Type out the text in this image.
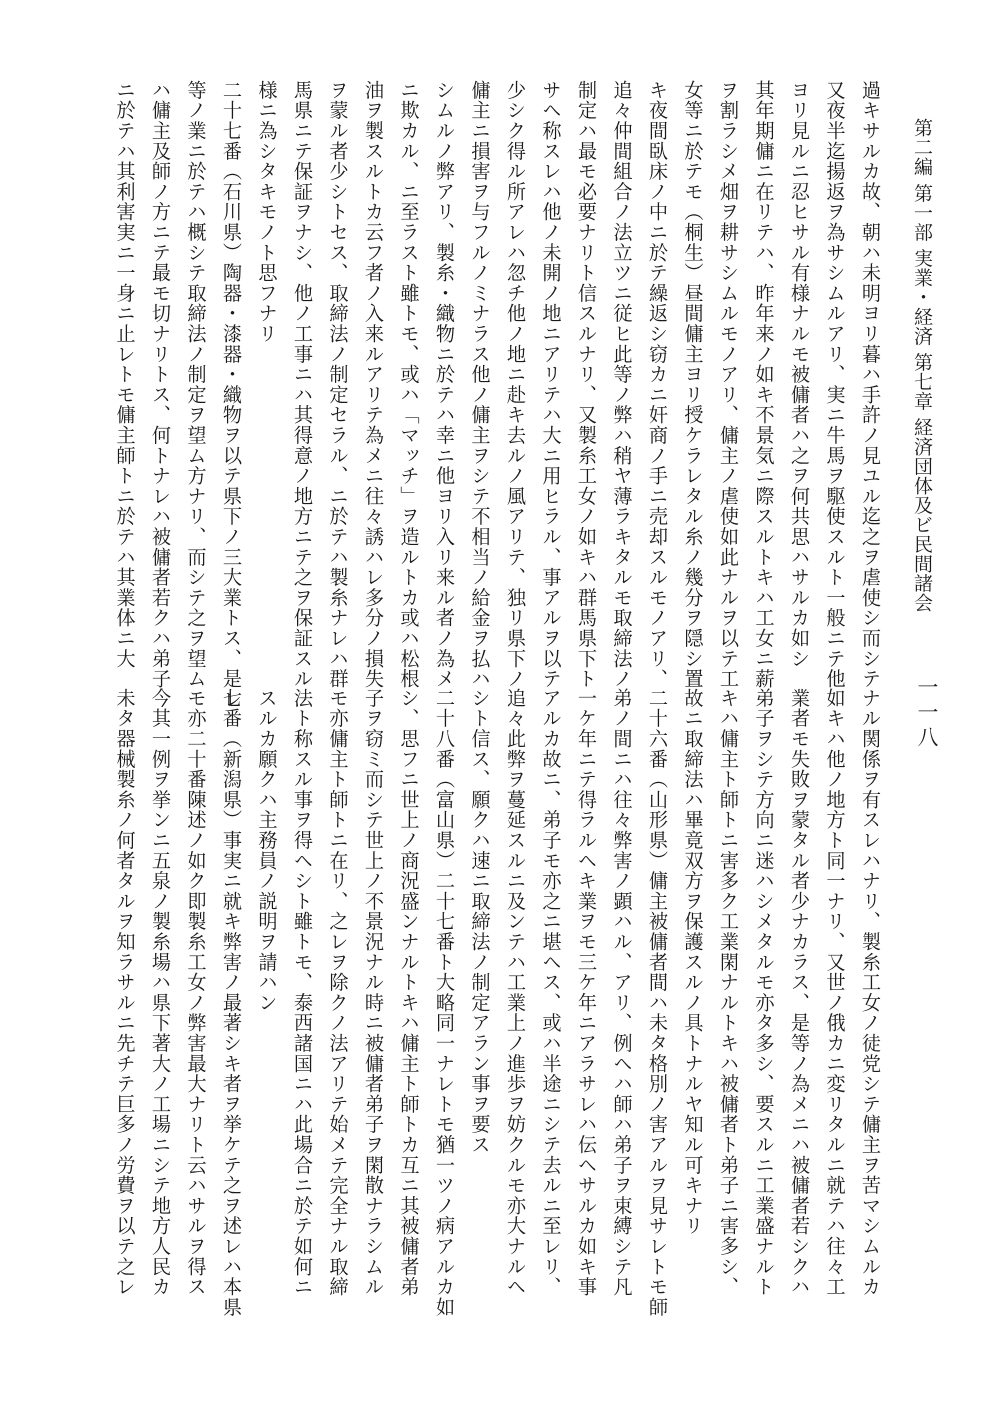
第二編 第一部 実業・経済 第七章 経済団体及ビ民間諸会
一一八
過キサルカ故、朝ハ未明ヨリ暮ハ手許ノ見ユル迄之ヲ虐使シ而シテ
又夜半迄揚返ヲ為サシムルアリ、実ニ牛馬ヲ駆使スルト一般ニテ他
ヨリ見ルニ忍ヒサル有様ナルモ被傭者ハ之ヲ何共思ハサルカ如シ
其年期傭ニ在リテハ、昨年来ノ如キ不景気ニ際スルトキハ工女ニ薪
ヲ割ラシメ畑ヲ耕サシムルモノアリ、傭主ノ虐使如此ナルヲ以テ工
女等ニ於テモ（桐生）昼間傭主ヨリ授ケラレタル糸ノ幾分ヲ隠シ置
キ夜間臥床ノ中ニ於テ繰返シ窃カニ奸商ノ手ニ売却スルモノアリ、
追々仲間組合ノ法立ツニ従ヒ此等ノ弊ハ稍ヤ薄ラキタルモ取締法ノ
制定ハ最モ必要ナリト信スルナリ、又製糸工女ノ如キハ群馬県下ト
サヘ称スレハ他ノ未開ノ地ニアリテハ大ニ用ヒラル、事アルヲ以テ
少シク得ル所アレハ忽チ他ノ地ニ赴キ去ルノ風アリテ、独リ県下ノ
傭主ニ損害ヲ与フルノミナラス他ノ傭主ヲシテ不相当ノ給金ヲ払ハ
シムルノ弊アリ、製糸・織物ニ於テハ幸ニ他ヨリ入リ来ル者ノ為メ
ニ欺カル、ニ至ラスト雖トモ、或ハ「マッチ」ヲ造ルトカ或ハ松根
油ヲ製スルトカ云フ者ノ入来ルアリテ為メニ往々誘ハレ多分ノ損失
ヲ蒙ル者少シトセス、取締法ノ制定セラル、ニ於テハ製糸ナレハ群
馬県ニテ保証ヲナシ、他ノ工事ニハ其得意ノ地方ニテ之ヲ保証スル
様ニ為シタキモノト思フナリ
二十七番（石川県）陶器・漆器・織物ヲ以テ県下ノ三大業トス、是レ
等ノ業ニ於テハ概シテ取締法ノ制定ヲ望ム方ナリ、而シテ之ヲ望ム
ハ傭主及師ノ方ニテ最モ切ナリトス、何トナレハ被傭者若クハ弟子
ニ於テハ其利害実ニ一身ニ止レトモ傭主師トニ於テハ其業体ニ大
ナル関係ヲ有スレハナリ、製糸工女ノ徒党シテ傭主ヲ苦マシムルカ
如キハ他ノ地方ト同一ナリ、又世ノ俄カニ変リタルニ就テハ往々工
業者モ失敗ヲ蒙タル者少ナカラス、是等ノ為メニハ被傭者若シクハ
弟子ヲシテ方向ニ迷ハシメタルモ亦タ多シ、要スルニ工業盛ナルト
キハ傭主ト師トニ害多ク工業閑ナルトキハ被傭者ト弟子ニ害多シ、
故ニ取締法ハ畢竟双方ヲ保護スルノ具トナルヤ知ル可キナリ
二十六番（山形県）傭主被傭者間ハ未タ格別ノ害アルヲ見サレトモ師
弟ノ間ニハ往々弊害ノ顕ハル、アリ、例ヘハ師ハ弟子ヲ束縛シテ凡
一ケ年ニテ得ラルヘキ業ヲモ三ケ年ニアラサレハ伝ヘサルカ如キ事
アルカ故ニ、弟子モ亦之ニ堪ヘス、或ハ半途ニシテ去ルニ至レリ、
追々此弊ヲ蔓延スルニ及ンテハ工業上ノ進歩ヲ妨クルモ亦大ナルヘ
シト信ス、願クハ速ニ取締法ノ制定アラン事ヲ要ス
二十八番（富山県）二十七番ト大略同一ナレトモ猶一ツノ病アルカ如
シ、思フニ世上ノ商況盛ンナルトキハ傭主ト師トカ互ニ其被傭者弟
子ヲ窃ミ而シテ世上ノ不景況ナル時ニ被傭者弟子ヲ閑散ナラシムル
モ亦傭主ト師トニ在リ、之レヲ除クノ法アリテ始メテ完全ナル取締
法ト称スル事ヲ得ヘシト雖トモ、泰西諸国ニハ此場合ニ於テ如何ニ
スルカ願クハ主務員ノ説明ヲ請ハン
七番（新潟県）事実ニ就キ弊害ノ最著シキ者ヲ挙ケテ之ヲ述レハ本県
モ亦二十番陳述ノ如ク即製糸工女ノ弊害最大ナリト云ハサルヲ得ス
今其一例ヲ挙ンニ五泉ノ製糸場ハ県下著大ノ工場ニシテ地方人民カ
未タ器械製糸ノ何者タルヲ知ラサルニ先チテ巨多ノ労費ヲ以テ之レ
